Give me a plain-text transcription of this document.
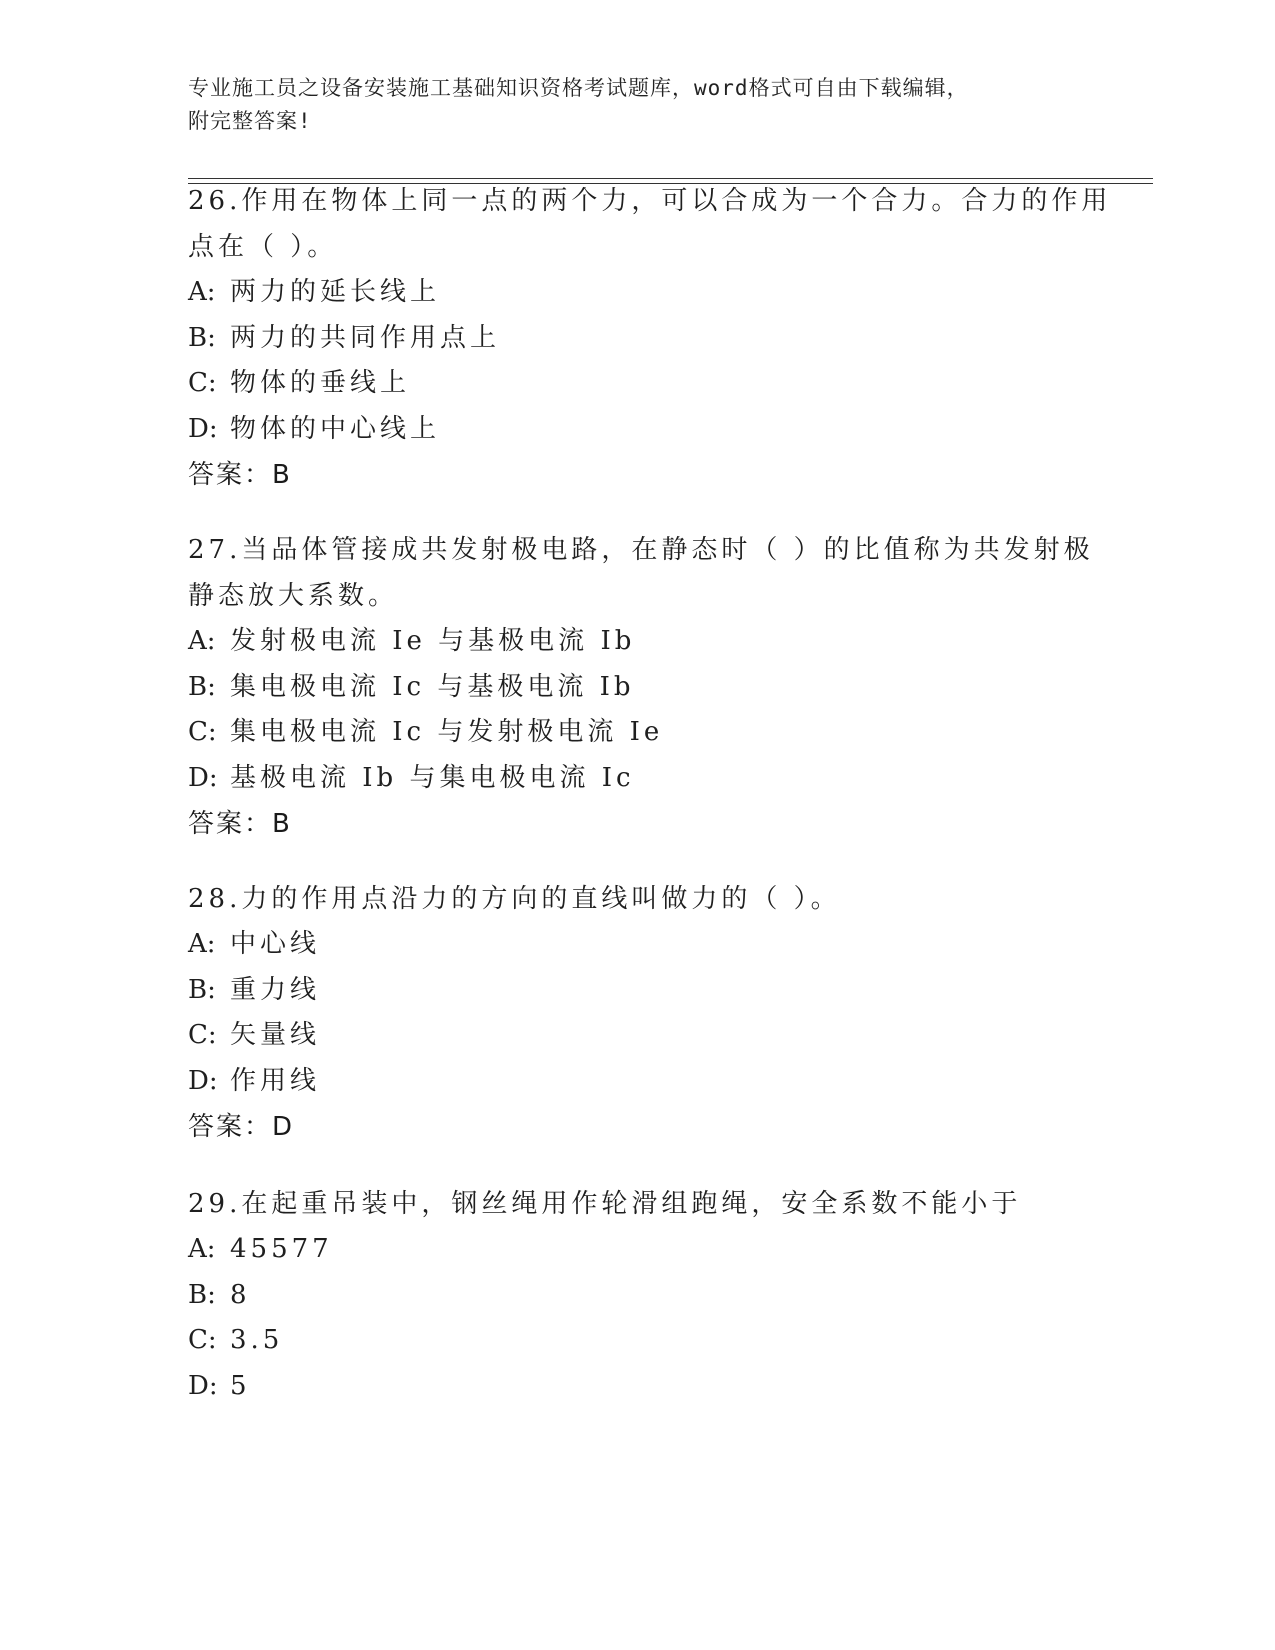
专业施工员之设备安装施工基础知识资格考试题库，word格式可自由下载编辑，
附完整答案!

26.作用在物体上同一点的两个力，可以合成为一个合力。合力的作用

点在（ ）。

A: 两力的延长线上
B: 两力的共同作用点上
C: 物体的垂线上
D: 物体的中心线上
答案：B

27.当品体管接成共发射极电路，在静态时（ ）的比值称为共发射极

静态放大系数。

A: 发射极电流 Ie 与基极电流 Ib
B: 集电极电流 Ic 与基极电流 Ib
C: 集电极电流 Ic 与发射极电流 Ie
D: 基极电流 Ib 与集电极电流 Ic
答案：B

28.力的作用点沿力的方向的直线叫做力的（ ）。

A: 中心线
B: 重力线
C: 矢量线
D: 作用线
答案：D

29.在起重吊装中，钢丝绳用作轮滑组跑绳，安全系数不能小于

A: 45577
B: 8
C: 3.5
D: 5
